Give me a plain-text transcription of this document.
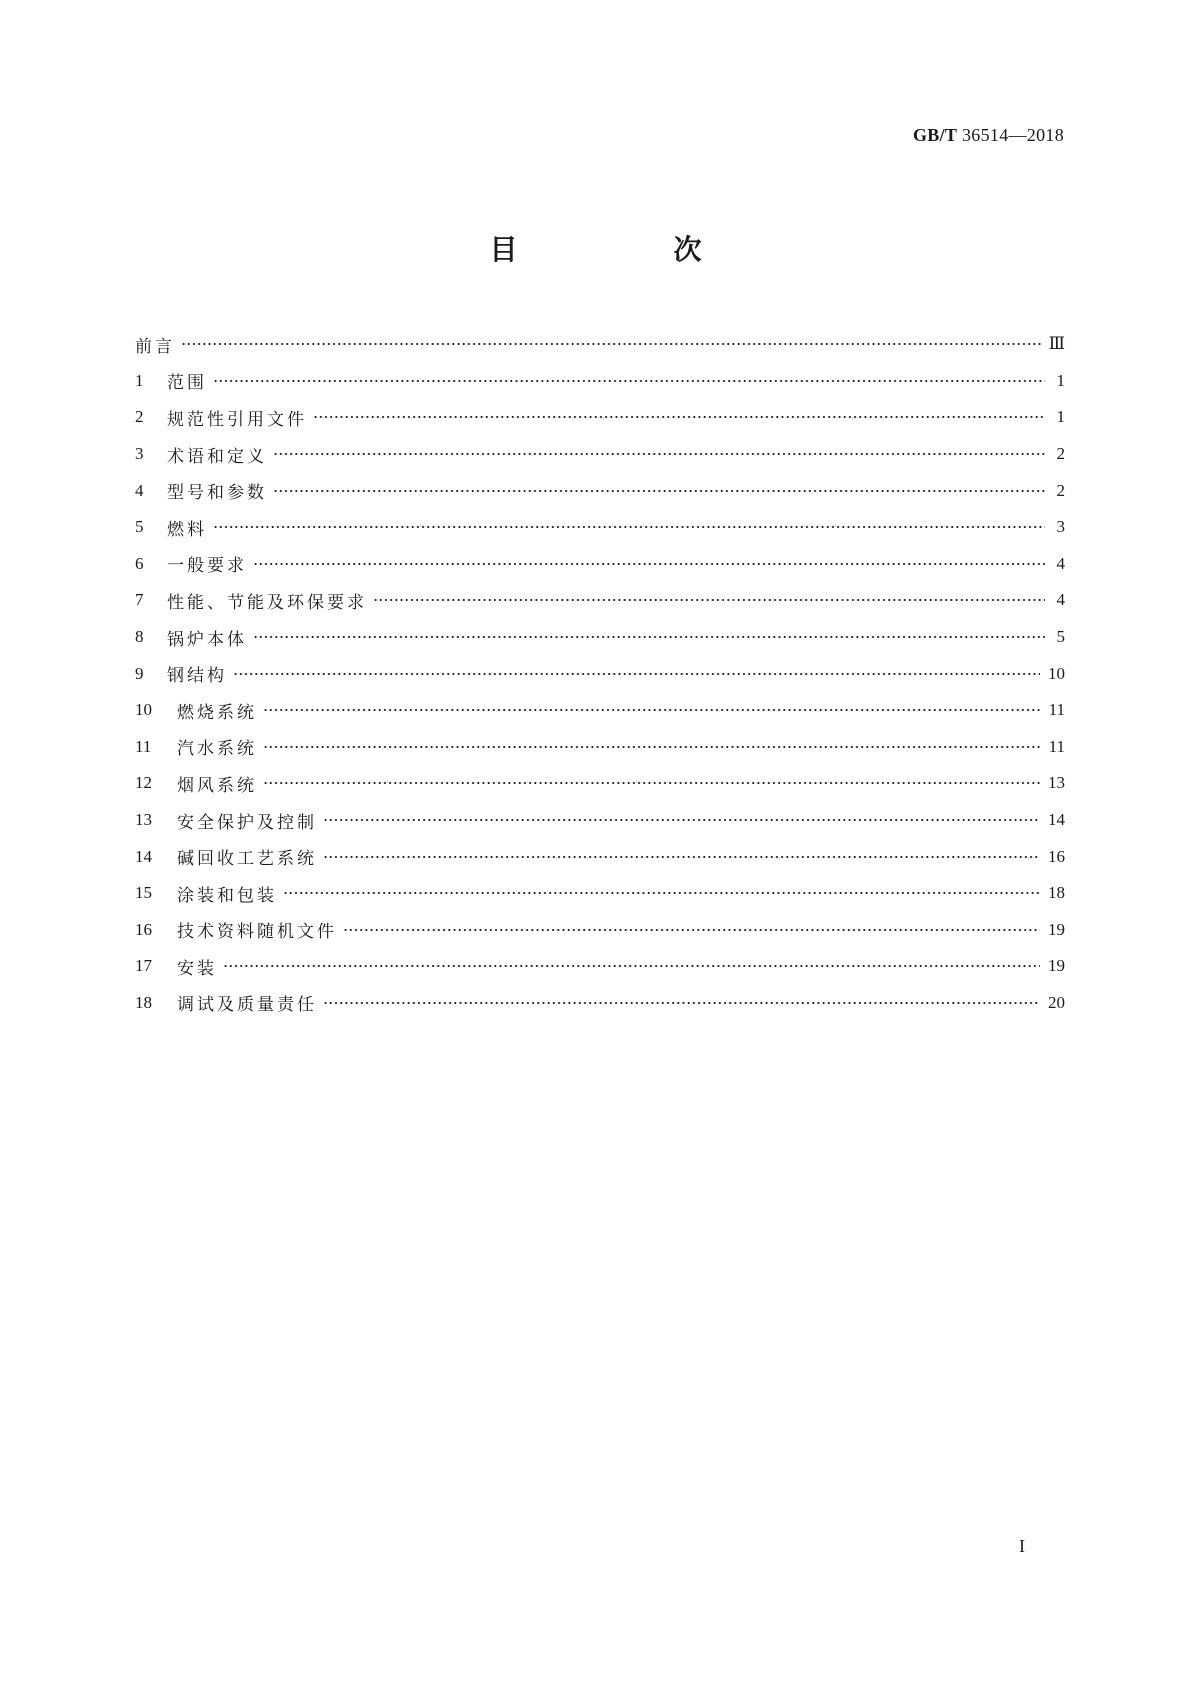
GB/T 36514—2018
目　次
前言	Ⅲ
1	范围	1
2	规范性引用文件	1
3	术语和定义	2
4	型号和参数	2
5	燃料	3
6	一般要求	4
7	性能、节能及环保要求	4
8	锅炉本体	5
9	钢结构	10
10	燃烧系统	11
11	汽水系统	11
12	烟风系统	13
13	安全保护及控制	14
14	碱回收工艺系统	16
15	涂装和包装	18
16	技术资料随机文件	19
17	安装	19
18	调试及质量责任	20
I
